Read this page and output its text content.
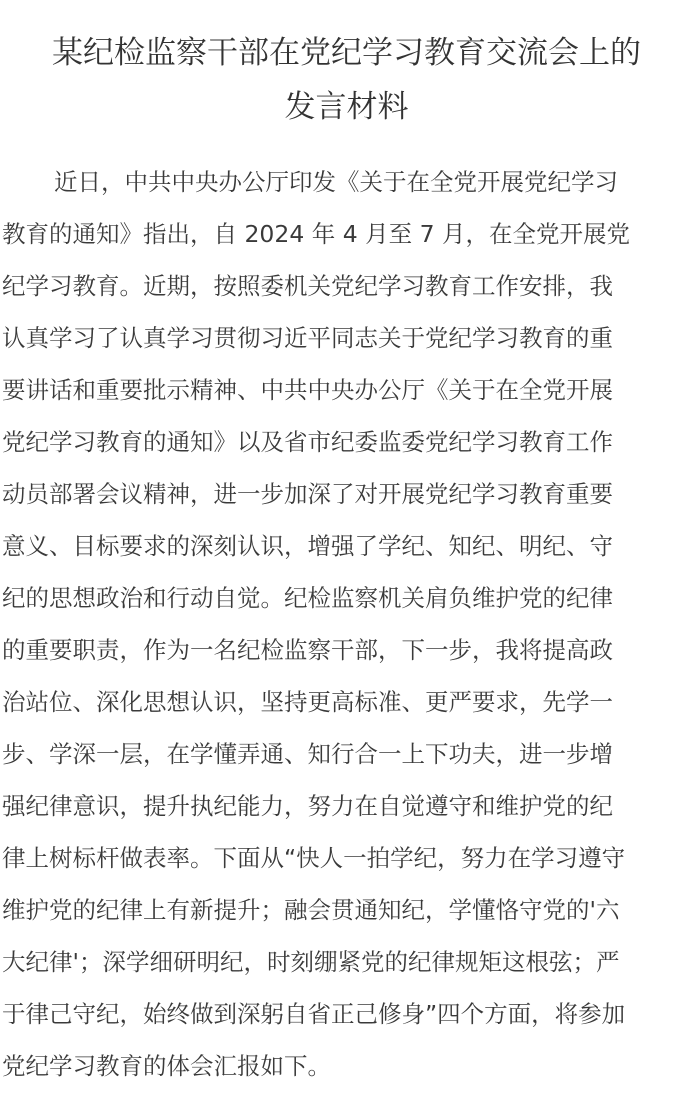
某纪检监察干部在党纪学习教育交流会上的
发言材料
近日，中共中央办公厅印发《关于在全党开展党纪学习
教育的通知》指出，自 2024 年 4 月至 7 月，在全党开展党
纪学习教育。近期，按照委机关党纪学习教育工作安排，我
认真学习了认真学习贯彻习近平同志关于党纪学习教育的重
要讲话和重要批示精神、中共中央办公厅《关于在全党开展
党纪学习教育的通知》以及省市纪委监委党纪学习教育工作
动员部署会议精神，进一步加深了对开展党纪学习教育重要
意义、目标要求的深刻认识，增强了学纪、知纪、明纪、守
纪的思想政治和行动自觉。纪检监察机关肩负维护党的纪律
的重要职责，作为一名纪检监察干部，下一步，我将提高政
治站位、深化思想认识，坚持更高标准、更严要求，先学一
步、学深一层，在学懂弄通、知行合一上下功夫，进一步增
强纪律意识，提升执纪能力，努力在自觉遵守和维护党的纪
律上树标杆做表率。下面从“快人一拍学纪，努力在学习遵守
维护党的纪律上有新提升；融会贯通知纪，学懂恪守党的'六
大纪律'；深学细研明纪，时刻绷紧党的纪律规矩这根弦；严
于律己守纪，始终做到深躬自省正己修身”四个方面，将参加
党纪学习教育的体会汇报如下。
